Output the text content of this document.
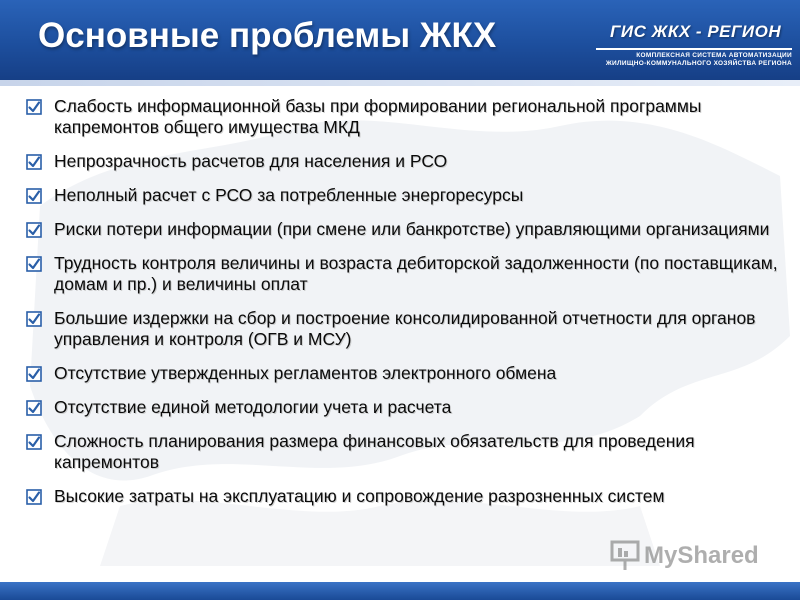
Основные проблемы ЖКХ	ГИС ЖКХ - РЕГИОН
КОМПЛЕКСНАЯ СИСТЕМА АВТОМАТИЗАЦИИ ЖИЛИЩНО-КОММУНАЛЬНОГО ХОЗЯЙСТВА РЕГИОНА
Слабость информационной базы при формировании региональной программы капремонтов общего имущества МКД
Непрозрачность расчетов для населения и РСО
Неполный расчет с РСО за потребленные энергоресурсы
Риски потери информации (при смене или банкротстве) управляющими организациями
Трудность контроля величины и возраста дебиторской задолженности (по поставщикам, домам и пр.) и величины оплат
Большие издержки на сбор и построение консолидированной отчетности для органов управления и контроля (ОГВ и МСУ)
Отсутствие утвержденных регламентов электронного обмена
Отсутствие единой методологии учета и расчета
Сложность планирования размера финансовых обязательств для проведения капремонтов
Высокие затраты на эксплуатацию и сопровождение разрозненных систем
MyShared
